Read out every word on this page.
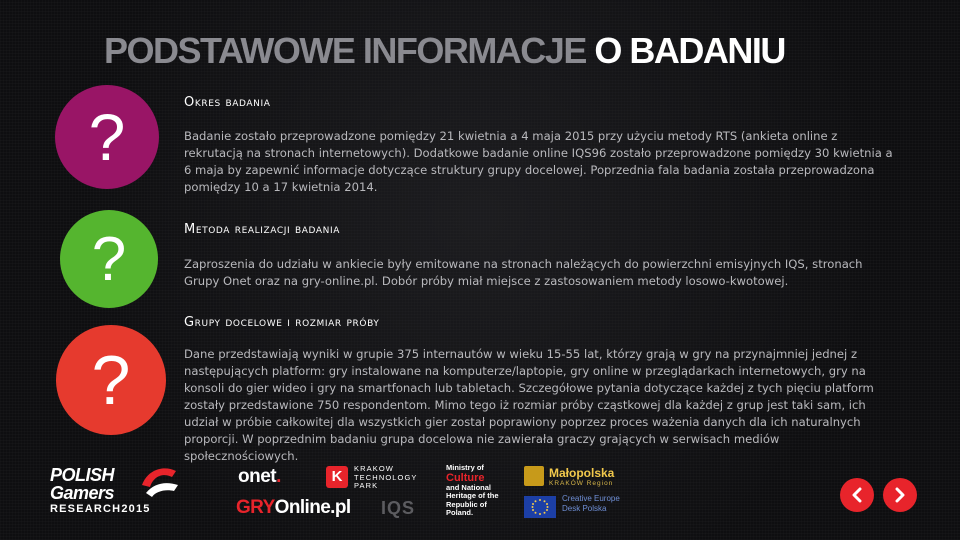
PODSTAWOWE INFORMACJE O BADANIU
?	Okres badania

Badanie zostało przeprowadzone pomiędzy 21 kwietnia a 4 maja 2015 przy użyciu metody RTS (ankieta online z rekrutacją na stronach internetowych). Dodatkowe badanie online IQS96 zostało przeprowadzone pomiędzy 30 kwietnia a 6 maja by zapewnić informacje dotyczące struktury grupy docelowej. Poprzednia fala badania została przeprowadzona pomiędzy 10 a 17 kwietnia 2014.

?	Metoda realizacji badania

Zaproszenia do udziału w ankiecie były emitowane na stronach należących do powierzchni emisyjnych IQS, stronach Grupy Onet oraz na gry-online.pl. Dobór próby miał miejsce z zastosowaniem metody losowo-kwotowej.

?
Grupy docelowe i rozmiar próby

Dane przedstawiają wyniki w grupie 375 internautów w wieku 15-55 lat, którzy grają w gry na przynajmniej jednej z następujących platform: gry instalowane na komputerze/laptopie, gry online w przeglądarkach internetowych, gry na konsoli do gier wideo i gry na smartfonach lub tabletach. Szczegółowe pytania dotyczące każdej z tych pięciu platform zostały przedstawione 750 respondentom. Mimo tego iż rozmiar próby cząstkowej dla każdej z grup jest taki sam, ich udział w próbie całkowitej dla wszystkich gier został poprawiony poprzez proces ważenia danych dla ich naturalnych proporcji. W poprzednim badaniu grupa docelowa nie zawierała graczy grających w serwisach mediów społecznościowych.

POLISH
Gamers
RESEARCH2015
onet.
GRYOnline.pl
K	KRAKOW TECHNOLOGY PARK
IQS
Ministry of
Culture
and National Heritage of the Republic of Poland.
Małopolska
KRAKÓW Region
Creative Europe Desk Polska
